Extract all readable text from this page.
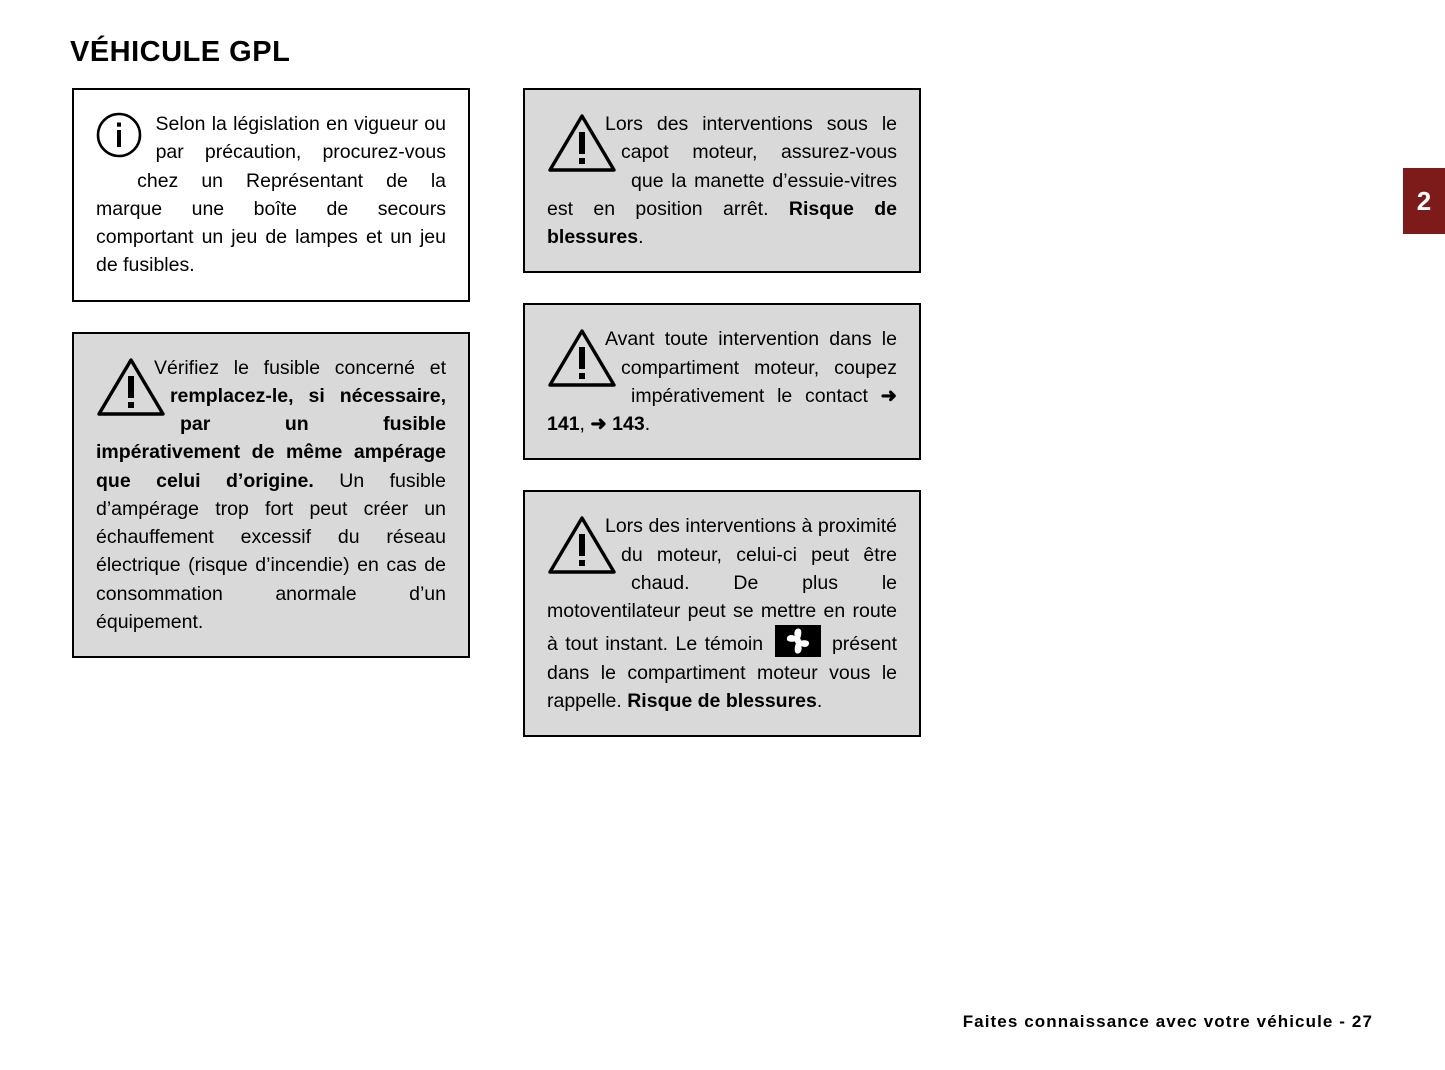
VÉHICULE GPL
2
Selon la législation en vigueur ou par précaution, procurez-vous chez un Représentant de la marque une boîte de secours comportant un jeu de lampes et un jeu de fusibles.
Vérifiez le fusible concerné et remplacez-le, si nécessaire, par un fusible impérativement de même ampérage que celui d’origine. Un fusible d’ampérage trop fort peut créer un échauffement excessif du réseau électrique (risque d’incendie) en cas de consommation anormale d’un équipement.
Lors des interventions sous le capot moteur, assurez-vous que la manette d’essuie-vitres est en position arrêt. Risque de blessures.
Avant toute intervention dans le compartiment moteur, coupez impérativement le contact ➜ 141, ➜ 143.
Lors des interventions à proximité du moteur, celui-ci peut être chaud. De plus le motoventilateur peut se mettre en route à tout instant. Le témoin	présent dans le compartiment moteur vous le rappelle. Risque de blessures.
Faites connaissance avec votre véhicule - 27
